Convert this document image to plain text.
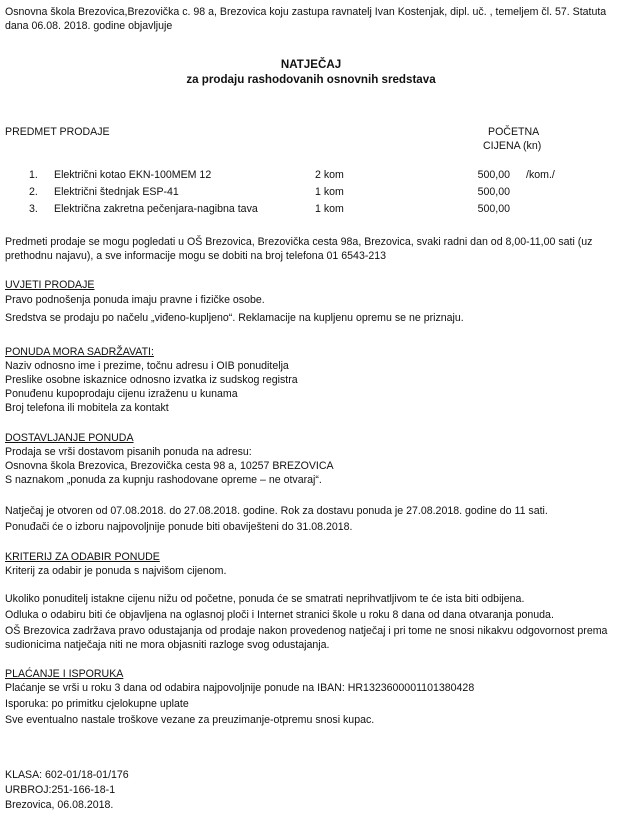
Osnovna škola Brezovica,Brezovička c. 98 a, Brezovica koju zastupa ravnatelj Ivan Kostenjak, dipl. uč. , temeljem čl. 57. Statuta dana 06.08. 2018. godine objavljuje

NATJEČAJ
za prodaju rashodovanih osnovnih sredstava
PREDMET PRODAJE	POČETNA
CIJENA (kn)
1. Električni kotao EKN-100MEM 12	2 kom	500,00 /kom./
2. Električni štednjak ESP-41	1 kom	500,00
3. Električna zakretna pečenjara-nagibna tava	1 kom	500,00

Predmeti prodaje se mogu pogledati u OŠ Brezovica, Brezovička cesta 98a, Brezovica, svaki radni dan od 8,00-11,00 sati (uz prethodnu najavu), a sve informacije mogu se dobiti na broj telefona 01 6543-213

UVJETI PRODAJE
Pravo podnošenja ponuda imaju pravne i fizičke osobe.
Sredstva se prodaju po načelu „viđeno-kupljeno“. Reklamacije na kupljenu opremu se ne priznaju.
PONUDA MORA SADRŽAVATI:
Naziv odnosno ime i prezime, točnu adresu i OIB ponuditelja
Preslike osobne iskaznice odnosno izvatka iz sudskog registra
Ponuđenu kupoprodaju cijenu izraženu u kunama
Broj telefona ili mobitela za kontakt
DOSTAVLJANJE PONUDA
Prodaja se vrši dostavom pisanih ponuda na adresu:
Osnovna škola Brezovica, Brezovička cesta 98 a, 10257 BREZOVICA
S naznakom „ponuda za kupnju rashodovane opreme – ne otvaraj“.
Natječaj je otvoren od 07.08.2018. do 27.08.2018. godine. Rok za dostavu ponuda je 27.08.2018. godine do 11 sati.
Ponuđači će o izboru najpovoljnije ponude biti obaviješteni do 31.08.2018.
KRITERIJ ZA ODABIR PONUDE
Kriterij za odabir je ponuda s najvišom cijenom.
Ukoliko ponuditelj istakne cijenu nižu od početne, ponuda će se smatrati neprihvatljivom te će ista biti odbijena.
Odluka o odabiru biti će objavljena na oglasnoj ploči i Internet stranici škole u roku 8 dana od dana otvaranja ponuda.
OŠ Brezovica zadržava pravo odustajanja od prodaje nakon provedenog natječaj i pri tome ne snosi nikakvu odgovornost prema sudionicima natječaja niti ne mora objasniti razloge svog odustajanja.
PLAĆANJE I ISPORUKA
Plaćanje se vrši u roku 3 dana od odabira najpovoljnije ponude na IBAN: HR1323600001101380428
Isporuka: po primitku cjelokupne uplate
Sve eventualno nastale troškove vezane za preuzimanje-otpremu snosi kupac.
KLASA: 602-01/18-01/176
URBROJ:251-166-18-1
Brezovica, 06.08.2018.
